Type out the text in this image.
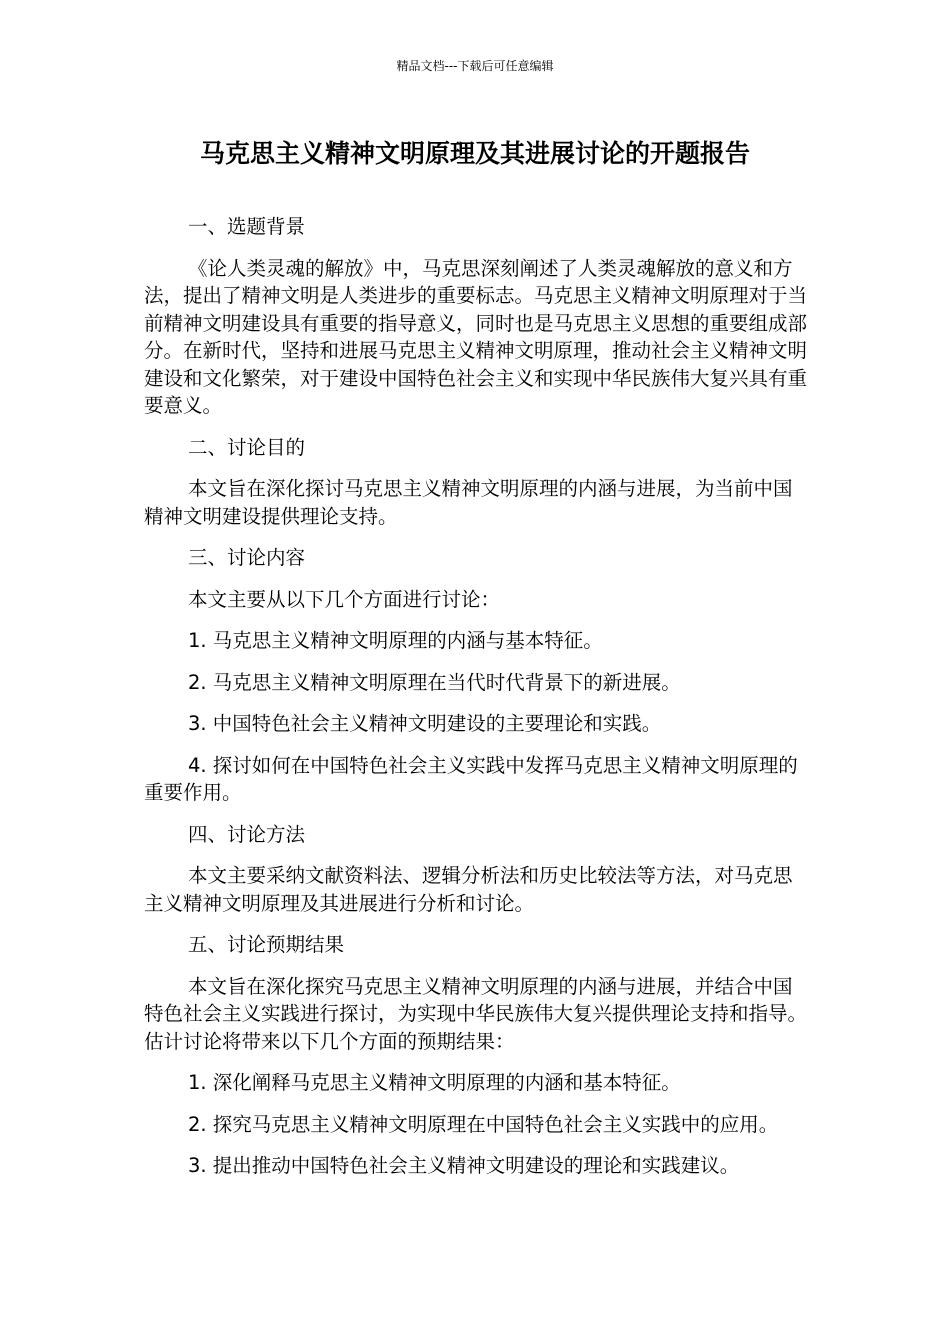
精品文档---下载后可任意编辑
马克思主义精神文明原理及其进展讨论的开题报告

一、选题背景

《论人类灵魂的解放》中，马克思深刻阐述了人类灵魂解放的意义和方法，提出了精神文明是人类进步的重要标志。马克思主义精神文明原理对于当前精神文明建设具有重要的指导意义，同时也是马克思主义思想的重要组成部分。在新时代，坚持和进展马克思主义精神文明原理，推动社会主义精神文明建设和文化繁荣，对于建设中国特色社会主义和实现中华民族伟大复兴具有重要意义。

二、讨论目的

本文旨在深化探讨马克思主义精神文明原理的内涵与进展，为当前中国精神文明建设提供理论支持。

三、讨论内容

本文主要从以下几个方面进行讨论：

1. 马克思主义精神文明原理的内涵与基本特征。

2. 马克思主义精神文明原理在当代时代背景下的新进展。

3. 中国特色社会主义精神文明建设的主要理论和实践。

4. 探讨如何在中国特色社会主义实践中发挥马克思主义精神文明原理的重要作用。

四、讨论方法

本文主要采纳文献资料法、逻辑分析法和历史比较法等方法，对马克思主义精神文明原理及其进展进行分析和讨论。

五、讨论预期结果

本文旨在深化探究马克思主义精神文明原理的内涵与进展，并结合中国特色社会主义实践进行探讨，为实现中华民族伟大复兴提供理论支持和指导。估计讨论将带来以下几个方面的预期结果：

1. 深化阐释马克思主义精神文明原理的内涵和基本特征。

2. 探究马克思主义精神文明原理在中国特色社会主义实践中的应用。

3. 提出推动中国特色社会主义精神文明建设的理论和实践建议。
